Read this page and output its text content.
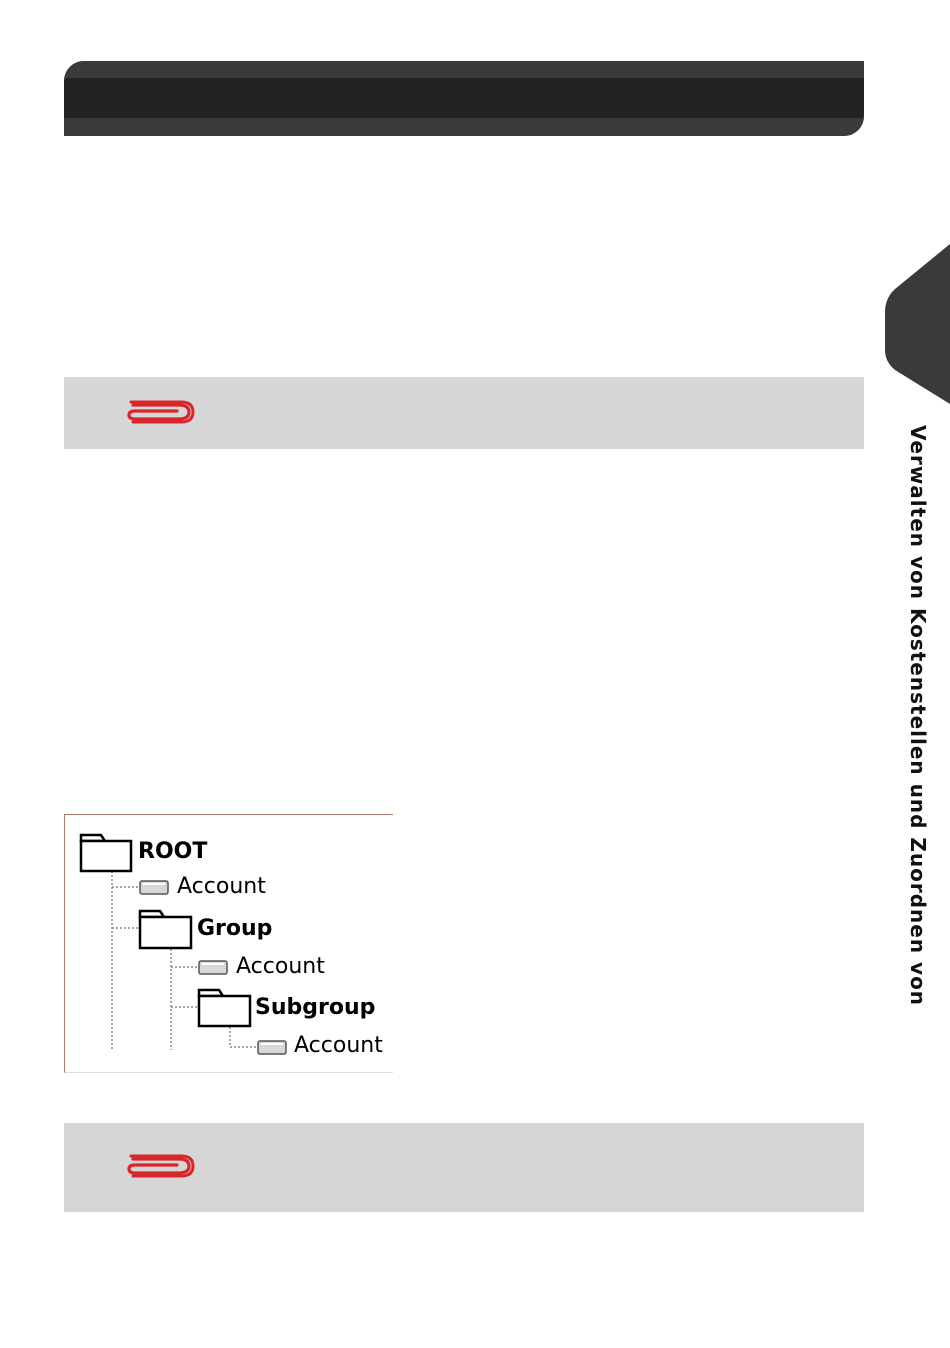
Verwalten von Kostenstellen und Zuordnen von
ROOT
Account
Group
Account
Subgroup
Account
